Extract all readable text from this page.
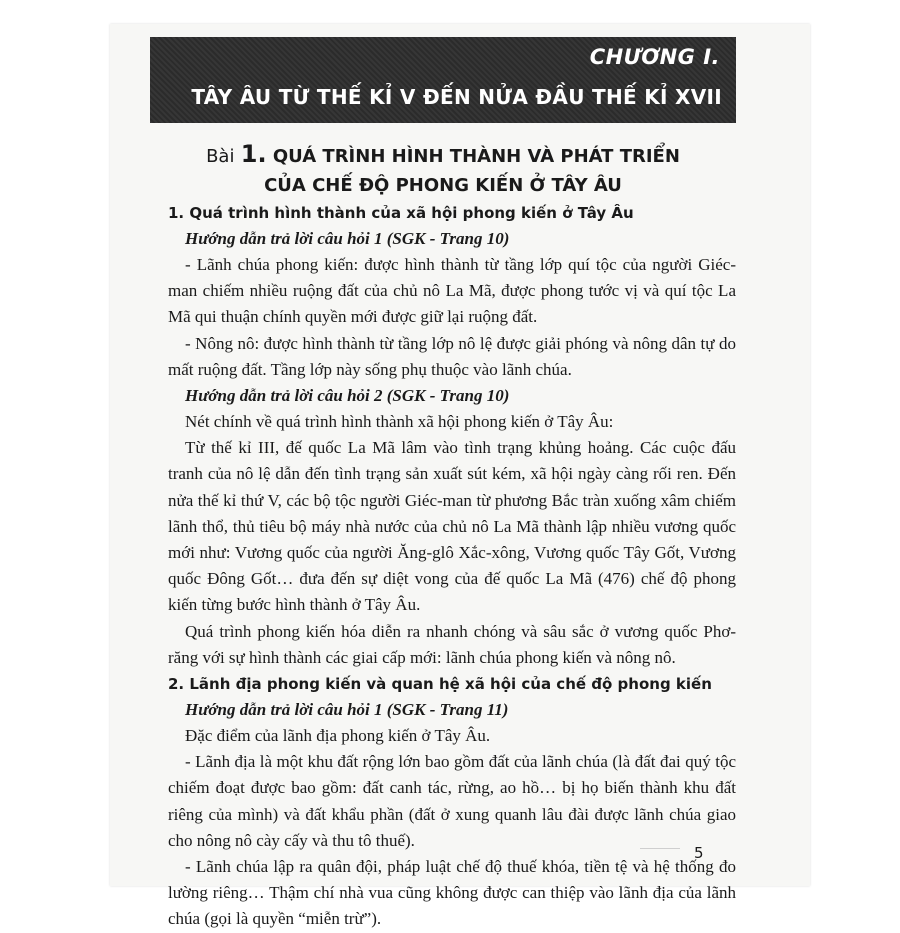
CHƯƠNG I.
TÂY ÂU TỪ THẾ KỈ V ĐẾN NỬA ĐẦU THẾ KỈ XVII
Bài 1. QUÁ TRÌNH HÌNH THÀNH VÀ PHÁT TRIỂN
CỦA CHẾ ĐỘ PHONG KIẾN Ở TÂY ÂU
1. Quá trình hình thành của xã hội phong kiến ở Tây Âu
Hướng dẫn trả lời câu hỏi 1 (SGK - Trang 10)
- Lãnh chúa phong kiến: được hình thành từ tầng lớp quí tộc của người Giéc-man chiếm nhiều ruộng đất của chủ nô La Mã, được phong tước vị và quí tộc La Mã qui thuận chính quyền mới được giữ lại ruộng đất.
- Nông nô: được hình thành từ tầng lớp nô lệ được giải phóng và nông dân tự do mất ruộng đất. Tầng lớp này sống phụ thuộc vào lãnh chúa.
Hướng dẫn trả lời câu hỏi 2 (SGK - Trang 10)
Nét chính về quá trình hình thành xã hội phong kiến ở Tây Âu:
Từ thế kỉ III, đế quốc La Mã lâm vào tình trạng khủng hoảng. Các cuộc đấu tranh của nô lệ dẫn đến tình trạng sản xuất sút kém, xã hội ngày càng rối ren. Đến nửa thế kỉ thứ V, các bộ tộc người Giéc-man từ phương Bắc tràn xuống xâm chiếm lãnh thổ, thủ tiêu bộ máy nhà nước của chủ nô La Mã thành lập nhiều vương quốc mới như: Vương quốc của người Ăng-glô Xắc-xông, Vương quốc Tây Gốt, Vương quốc Đông Gốt… đưa đến sự diệt vong của đế quốc La Mã (476) chế độ phong kiến từng bước hình thành ở Tây Âu.
Quá trình phong kiến hóa diễn ra nhanh chóng và sâu sắc ở vương quốc Phơ-răng với sự hình thành các giai cấp mới: lãnh chúa phong kiến và nông nô.
2. Lãnh địa phong kiến và quan hệ xã hội của chế độ phong kiến
Hướng dẫn trả lời câu hỏi 1 (SGK - Trang 11)
Đặc điểm của lãnh địa phong kiến ở Tây Âu.
- Lãnh địa là một khu đất rộng lớn bao gồm đất của lãnh chúa (là đất đai quý tộc chiếm đoạt được bao gồm: đất canh tác, rừng, ao hồ… bị họ biến thành khu đất riêng của mình) và đất khẩu phần (đất ở xung quanh lâu đài được lãnh chúa giao cho nông nô cày cấy và thu tô thuế).
- Lãnh chúa lập ra quân đội, pháp luật chế độ thuế khóa, tiền tệ và hệ thống đo lường riêng… Thậm chí nhà vua cũng không được can thiệp vào lãnh địa của lãnh chúa (gọi là quyền “miễn trừ”).
5
